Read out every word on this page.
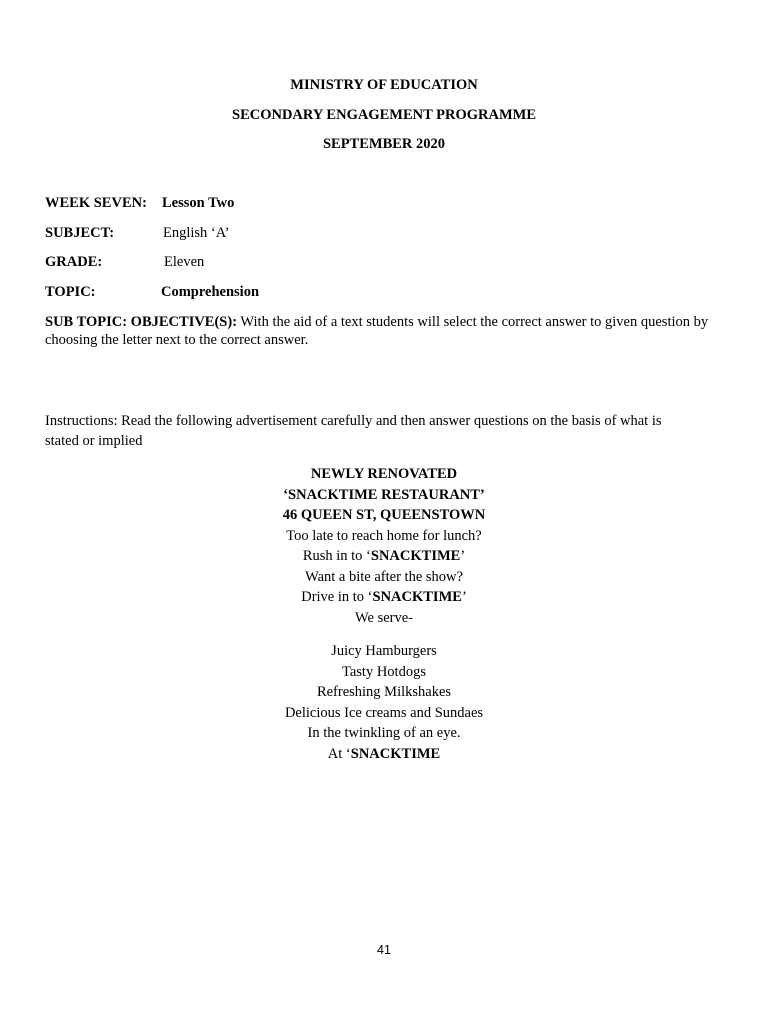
MINISTRY OF EDUCATION
SECONDARY ENGAGEMENT PROGRAMME
SEPTEMBER 2020
WEEK SEVEN: Lesson Two
SUBJECT:	English ‘A’
GRADE:	Eleven
TOPIC:	Comprehension
SUB TOPIC: OBJECTIVE(S): With the aid of a text students will select the correct answer to given question by choosing the letter next to the correct answer.
Instructions: Read the following advertisement carefully and then answer questions on the basis of what is stated or implied
NEWLY RENOVATED
‘SNACKTIME RESTAURANT’
46 QUEEN ST, QUEENSTOWN
Too late to reach home for lunch?
Rush in to ‘SNACKTIME’
Want a bite after the show?
Drive in to ‘SNACKTIME’
We serve-
Juicy Hamburgers
Tasty Hotdogs
Refreshing Milkshakes
Delicious Ice creams and Sundaes
In the twinkling of an eye.
At ‘SNACKTIME
41
